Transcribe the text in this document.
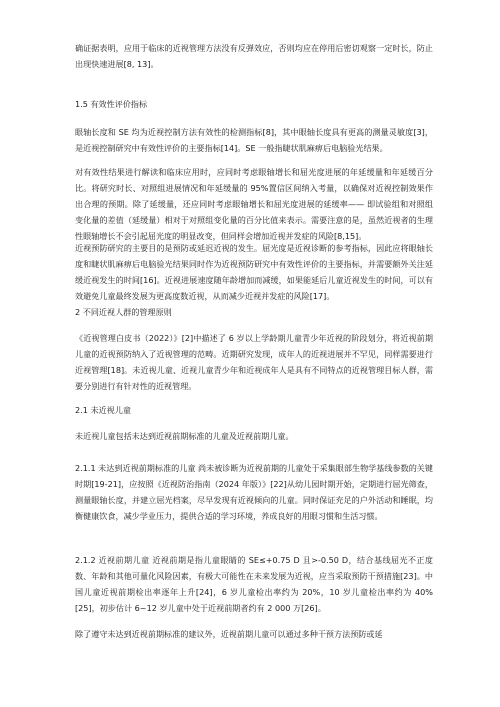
确证据表明，应用于临床的近视管理方法没有反弹效应，否则均应在停用后密切观察一定时长，防止出现快速进展[8, 13]。

1.5 有效性评价指标

眼轴长度和 SE 均为近视控制方法有效性的检测指标[8]，其中眼轴长度具有更高的测量灵敏度[3]，是近视控制研究中有效性评价的主要指标[14]。SE 一般指睫状肌麻痹后电脑验光结果。

对有效性结果进行解读和临床应用时，应同时考虑眼轴增长和屈光度进展的年延缓量和年延缓百分比。将研究时长、对照组进展情况和年延缓量的 95%置信区间纳入考量，以确保对近视控制效果作出合理的预期。除了延缓量，还应同时考虑眼轴增长和屈光度进展的延缓率—— 即试验组和对照组变化量的差值（延缓量）相对于对照组变化量的百分比值来表示。需要注意的是，虽然近视者的生理性眼轴增长不会引起屈光度的明显改变，但同样会增加近视并发症的风险[8,15]。

近视预防研究的主要目的是预防或延迟近视的发生。屈光度是近视诊断的参考指标，因此应将眼轴长度和睫状肌麻痹后电脑验光结果同时作为近视预防研究中有效性评价的主要指标，并需要额外关注延缓近视发生的时间[16]。近视进展速度随年龄增加而减缓，如果能延后儿童近视发生的时间，可以有效避免儿童最终发展为更高度数近视，从而减少近视并发症的风险[17]。

2 不同近视人群的管理原则

《近视管理白皮书（2022）》[2]中描述了 6 岁以上学龄期儿童青少年近视的阶段划分，将近视前期儿童的近视预防纳入了近视管理的范畴。近期研究发现，成年人的近视进展并不罕见，同样需要进行近视管理[18]。未近视儿童、近视儿童青少年和近视成年人是具有不同特点的近视管理目标人群，需要分别进行有针对性的近视管理。

2.1 未近视儿童

未近视儿童包括未达到近视前期标准的儿童及近视前期儿童。

2.1.1 未达到近视前期标准的儿童 尚未被诊断为近视前期的儿童处于采集眼部生物学基线参数的关键时期[19-21]，应按照《近视防治指南（2024 年版）》[22]从幼儿园时期开始，定期进行屈光筛查，测量眼轴长度，并建立屈光档案，尽早发现有近视倾向的儿童。同时保证充足的户外活动和睡眠，均衡健康饮食，减少学业压力，提供合适的学习环境，养成良好的用眼习惯和生活习惯。

2.1.2 近视前期儿童 近视前期是指儿童眼睛的 SE≤+0.75 D 且>-0.50 D，结合基线屈光不正度数、年龄和其他可量化风险因素，有极大可能性在未来发展为近视，应当采取预防干预措施[23]。中国儿童近视前期检出率逐年上升[24]，6 岁儿童检出率约为 20%，10 岁儿童检出率约为 40%[25]，初步估计 6~12 岁儿童中处于近视前期者约有 2 000 万[26]。

除了遵守未达到近视前期标准的建议外，近视前期儿童可以通过多种干预方法预防或延
